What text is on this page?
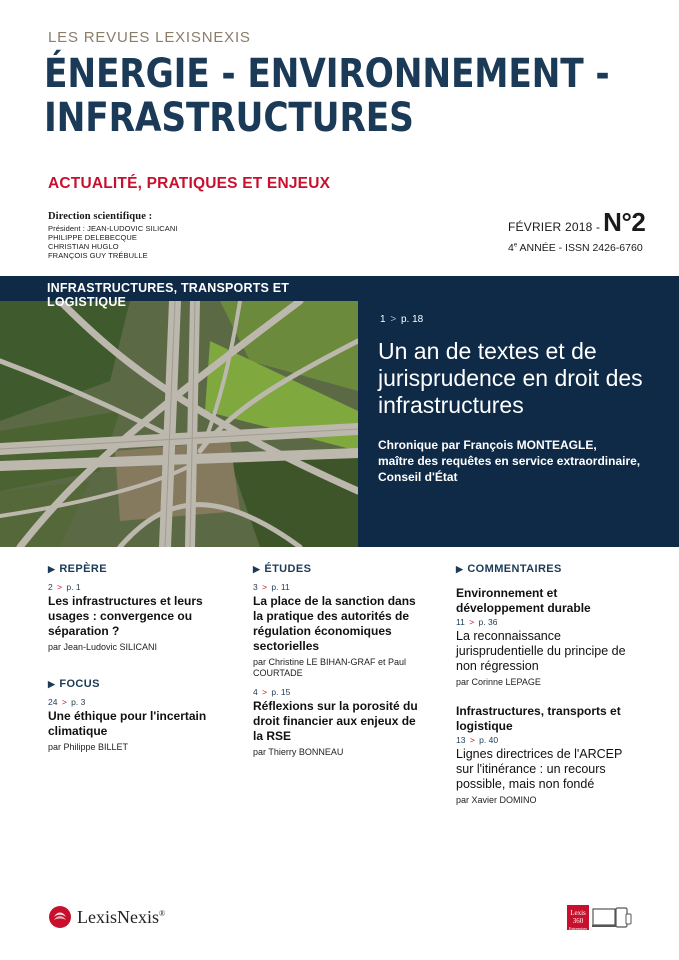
LES REVUES LEXISNEXIS
ÉNERGIE - ENVIRONNEMENT -
INFRASTRUCTURES
ACTUALITÉ, PRATIQUES ET ENJEUX
Direction scientifique :
Président : JEAN-LUDOVIC SILICANI
PHILIPPE DELEBECQUE
CHRISTIAN HUGLO
FRANÇOIS GUY TRÉBULLE
FÉVRIER 2018 - N°2
4e ANNÉE - ISSN 2426-6760
INFRASTRUCTURES, TRANSPORTS ET LOGISTIQUE
1 > p. 18
Un an de textes et de jurisprudence en droit des infrastructures
Chronique par François MONTEAGLE,
maître des requêtes en service extraordinaire,
Conseil d'État
▶ REPÈRE
2 > p. 1
Les infrastructures et leurs usages : convergence ou séparation ?
par Jean-Ludovic SILICANI
▶ FOCUS
24 > p. 3
Une éthique pour l'incertain climatique
par Philippe BILLET
▶ ÉTUDES
3 > p. 11
La place de la sanction dans la pratique des autorités de régulation économiques sectorielles
par Christine LE BIHAN-GRAF et Paul COURTADE
4 > p. 15
Réflexions sur la porosité du droit financier aux enjeux de la RSE
par Thierry BONNEAU
▶ COMMENTAIRES
Environnement et développement durable
11 > p. 36
La reconnaissance jurisprudentielle du principe de non régression
par Corinne LEPAGE
Infrastructures, transports et logistique
13 > p. 40
Lignes directrices de l'ARCEP sur l'itinérance : un recours possible, mais non fondé
par Xavier DOMINO
LexisNexis®	Lexis
360
Entreprises
